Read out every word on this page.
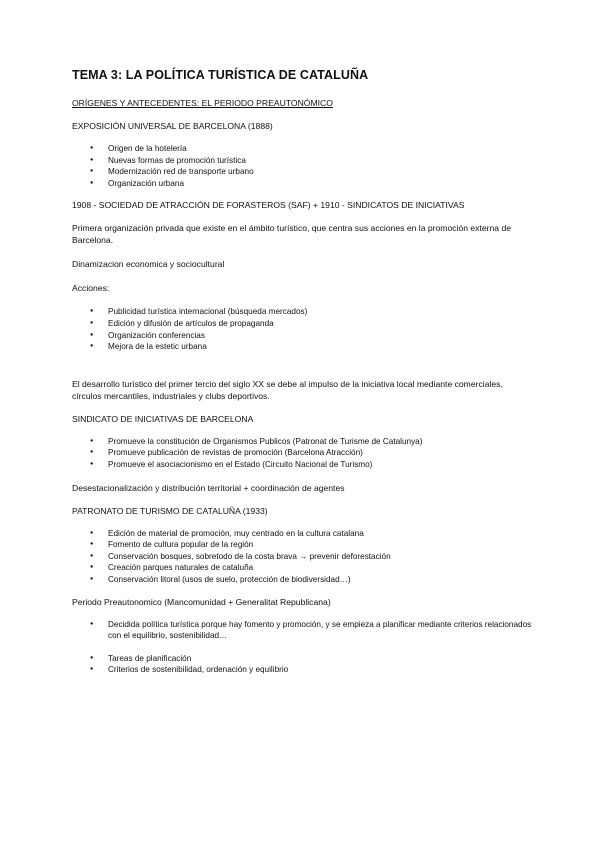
TEMA 3: LA POLÍTICA TURÍSTICA DE CATALUÑA
ORÍGENES Y ANTECEDENTES: EL PERIODO PREAUTONÓMICO
EXPOSICIÓN UNIVERSAL DE BARCELONA (1888)
● Origen de la hotelería
● Nuevas formas de promoción turística
● Modernización red de transporte urbano
● Organización urbana
1908 - SOCIEDAD DE ATRACCIÓN DE FORASTEROS (SAF) + 1910 - SINDICATOS DE INICIATIVAS
Primera organización privada que existe en el ámbito turístico, que centra sus acciones en la promoción externa de Barcelona.
Dinamizacion economica y sociocultural
Acciones:
● Publicidad turística internacional (búsqueda mercados)
● Edición y difusión de artículos de propaganda
● Organización conferencias
● Mejora de la estetic urbana
El desarrollo turístico del primer tercio del siglo XX se debe al impulso de la iniciativa local mediante comerciales, círculos mercantiles, industriales y clubs deportivos.
SINDICATO DE INICIATIVAS DE BARCELONA
● Promueve la constitución de Organismos Publicos (Patronat de Turisme de Catalunya)
● Promueve publicación de revistas de promoción (Barcelona Atracción)
● Promueve el asociacionismo en el Estado (Circuito Nacional de Turismo)
Desestacionalización y distribución territorial + coordinación de agentes
PATRONATO DE TURISMO DE CATALUÑA (1933)
● Edición de material de promoción, muy centrado en la cultura catalana
● Fomento de cultura popular de la región
● Conservación bosques, sobretodo de la costa brava → prevenir deforestación
● Creación parques naturales de cataluña
● Conservación litoral (usos de suelo, protección de biodiversidad…)
Periodo Preautonomico (Mancomunidad + Generalitat Republicana)
● Decidida política turística porque hay fomento y promoción, y se empieza a planificar mediante criterios relacionados con el equilibrio, sostenibilidad…
● Tareas de planificación
● Criterios de sostenibilidad, ordenación y equilibrio
